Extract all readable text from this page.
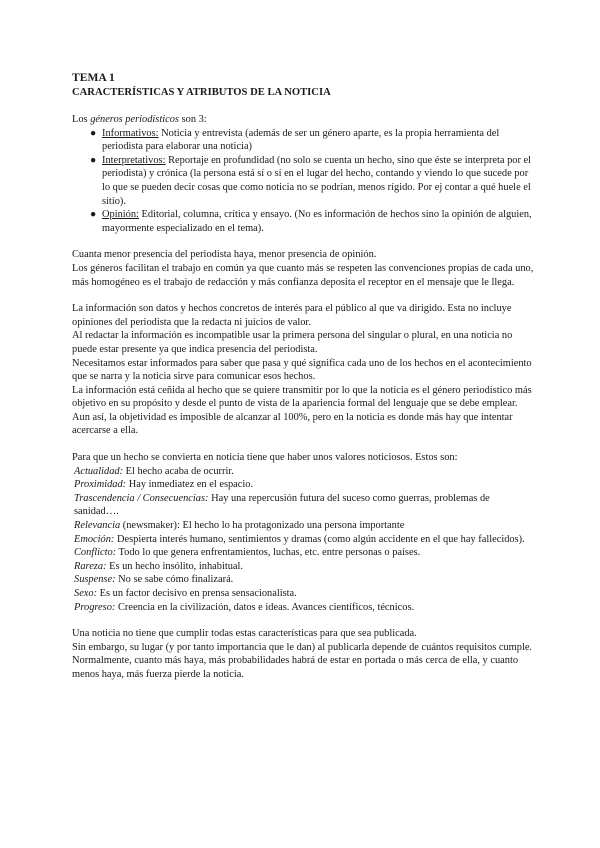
TEMA 1
CARACTERÍSTICAS Y ATRIBUTOS DE LA NOTICIA

Los géneros periodísticos son 3:

● Informativos: Noticia y entrevista (además de ser un género aparte, es la propia herramienta del periodista para elaborar una noticia)
● Interpretativos: Reportaje en profundidad (no solo se cuenta un hecho, sino que éste se interpreta por el periodista) y crónica (la persona está sí o sí en el lugar del hecho, contando y viendo lo que sucede por lo que se pueden decir cosas que como noticia no se podrían, menos rígido. Por ej contar a qué huele el sitio).
● Opinión: Editorial, columna, crítica y ensayo. (No es información de hechos sino la opinión de alguien, mayormente especializado en el tema).

Cuanta menor presencia del periodista haya, menor presencia de opinión.

Los géneros facilitan el trabajo en común ya que cuanto más se respeten las convenciones propias de cada uno, más homogéneo es el trabajo de redacción y más confianza deposita el receptor en el mensaje que le llega.

La información son datos y hechos concretos de interés para el público al que va dirigido. Esta no incluye opiniones del periodista que la redacta ni juicios de valor.

Al redactar la información es incompatible usar la primera persona del singular o plural, en una noticia no puede estar presente ya que indica presencia del periodista.

Necesitamos estar informados para saber que pasa y qué significa cada uno de los hechos en el acontecimiento que se narra y la noticia sirve para comunicar esos hechos.

La información está ceñida al hecho que se quiere transmitir por lo que la noticia es el género periodístico más objetivo en su propósito y desde el punto de vista de la apariencia formal del lenguaje que se debe emplear. Aun así, la objetividad es imposible de alcanzar al 100%, pero en la noticia es donde más hay que intentar acercarse a ella.

Para que un hecho se convierta en noticia tiene que haber unos valores noticiosos. Estos son:

Actualidad: El hecho acaba de ocurrir.

Proximidad: Hay inmediatez en el espacio.

Trascendencia / Consecuencias: Hay una repercusión futura del suceso como guerras, problemas de sanidad….

Relevancia (newsmaker): El hecho lo ha protagonizado una persona importante

Emoción: Despierta interés humano, sentimientos y dramas (como algún accidente en el que hay fallecidos).

Conflicto: Todo lo que genera enfrentamientos, luchas, etc. entre personas o países.

Rareza: Es un hecho insólito, inhabitual.

Suspense: No se sabe cómo finalizará.

Sexo: Es un factor decisivo en prensa sensacionalista.

Progreso: Creencia en la civilización, datos e ideas. Avances científicos, técnicos.

Una noticia no tiene que cumplir todas estas características para que sea publicada.

Sin embargo, su lugar (y por tanto importancia que le dan) al publicarla depende de cuántos requisitos cumple.

Normalmente, cuanto más haya, más probabilidades habrá de estar en portada o más cerca de ella, y cuanto menos haya, más fuerza pierde la noticia.
